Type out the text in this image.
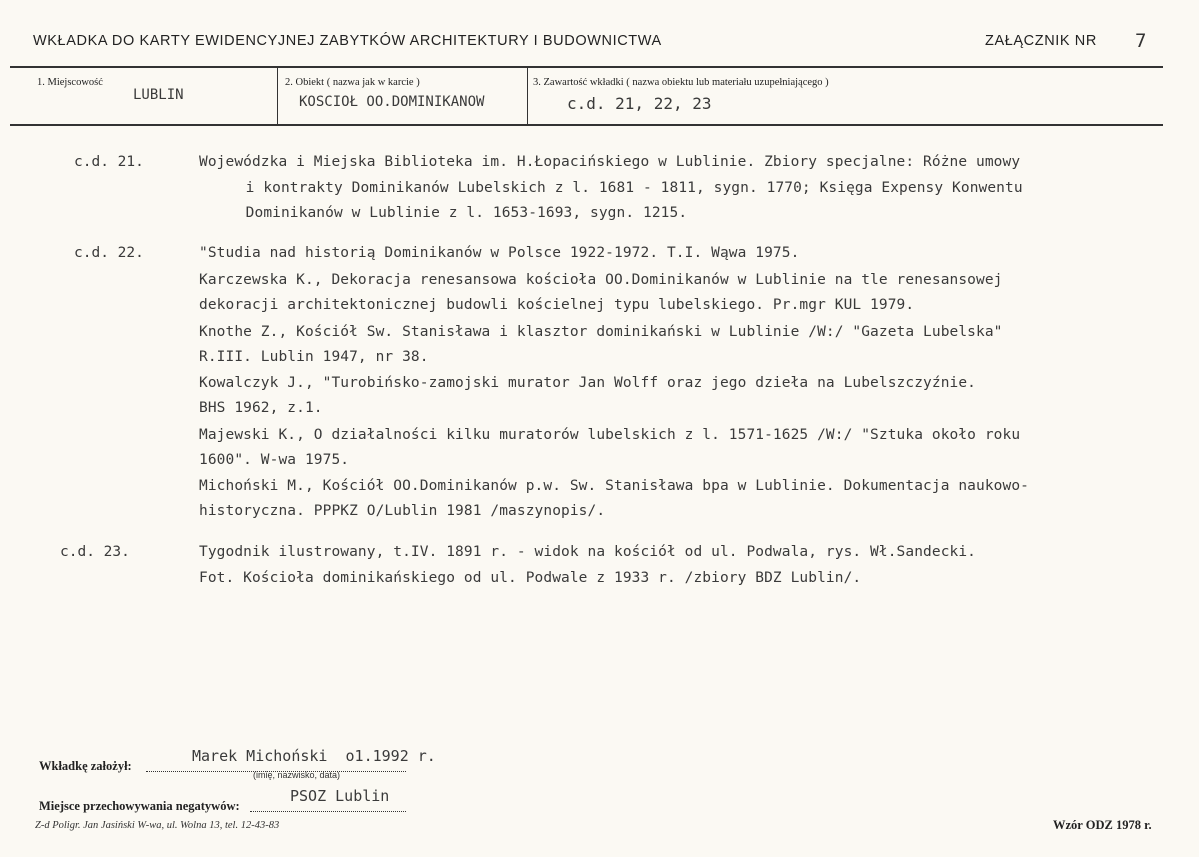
WKŁADKA DO KARTY EWIDENCYJNEJ ZABYTKÓW ARCHITEKTURY I BUDOWNICTWA	ZAŁĄCZNIK NR 7
1. Miejscowość
LUBLIN
2. Obiekt ( nazwa jak w karcie )
KOSCIOŁ OO.DOMINIKANOW
3. Zawartość wkładki ( nazwa obiektu lub materiału uzupełniającego )
c.d. 21, 22, 23
c.d. 21.	Wojewódzka i Miejska Biblioteka im. H.Łopacińskiego w Lublinie. Zbiory specjalne: Różne umowy
i kontrakty Dominikanów Lubelskich z l. 1681 - 1811, sygn. 1770; Księga Expensy Konwentu
Dominikanów w Lublinie z l. 1653-1693, sygn. 1215.
c.d. 22.	"Studia nad historią Dominikanów w Polsce 1922-1972. T.I. Wąwa 1975.
Karczewska K., Dekoracja renesansowa kościoła OO.Dominikanów w Lublinie na tle renesansowej
dekoracji architektonicznej budowli kościelnej typu lubelskiego. Pr.mgr KUL 1979.
Knothe Z., Kościół Sw. Stanisława i klasztor dominikański w Lublinie /W:/ "Gazeta Lubelska"
R.III. Lublin 1947, nr 38.
Kowalczyk J., "Turobińsko-zamojski murator Jan Wolff oraz jego dzieła na Lubelszczyźnie.
BHS 1962, z.1.
Majewski K., O działalności kilku muratorów lubelskich z l. 1571-1625 /W:/ "Sztuka około roku
1600". W-wa 1975.
Michoński M., Kościół OO.Dominikanów p.w. Sw. Stanisława bpa w Lublinie. Dokumentacja naukowo-
historyczna. PPPKZ O/Lublin 1981 /maszynopis/.
c.d. 23.	Tygodnik ilustrowany, t.IV. 1891 r. - widok na kościół od ul. Podwala, rys. Wł.Sandecki.
Fot. Kościoła dominikańskiego od ul. Podwale z 1933 r. /zbiory BDZ Lublin/.
Wkładkę założył:
Marek Michoński  o1.1992 r.
(imię, nazwisko, data)
Miejsce przechowywania negatywów:
PSOZ Lublin
Z-d Poligr. Jan Jasiński W-wa, ul. Wolna 13, tel. 12-43-83	Wzór ODZ 1978 r.
